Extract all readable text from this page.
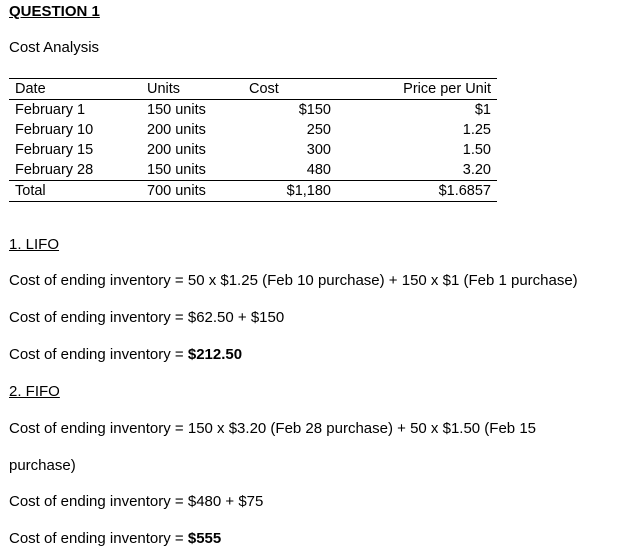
QUESTION 1
Cost Analysis
Date	Units	Cost	Price per Unit
February 1	150 units	$150	$1
February 10	200 units	250	1.25
February 15	200 units	300	1.50
February 28	150 units	480	3.20
Total	700 units	$1,180	$1.6857
1. LIFO
Cost of ending inventory = 50 x $1.25 (Feb 10 purchase) + 150 x $1 (Feb 1 purchase)
Cost of ending inventory = $62.50 + $150
Cost of ending inventory = $212.50
2. FIFO
Cost of ending inventory = 150 x $3.20 (Feb 28 purchase) + 50 x $1.50 (Feb 15
purchase)
Cost of ending inventory = $480 + $75
Cost of ending inventory = $555
